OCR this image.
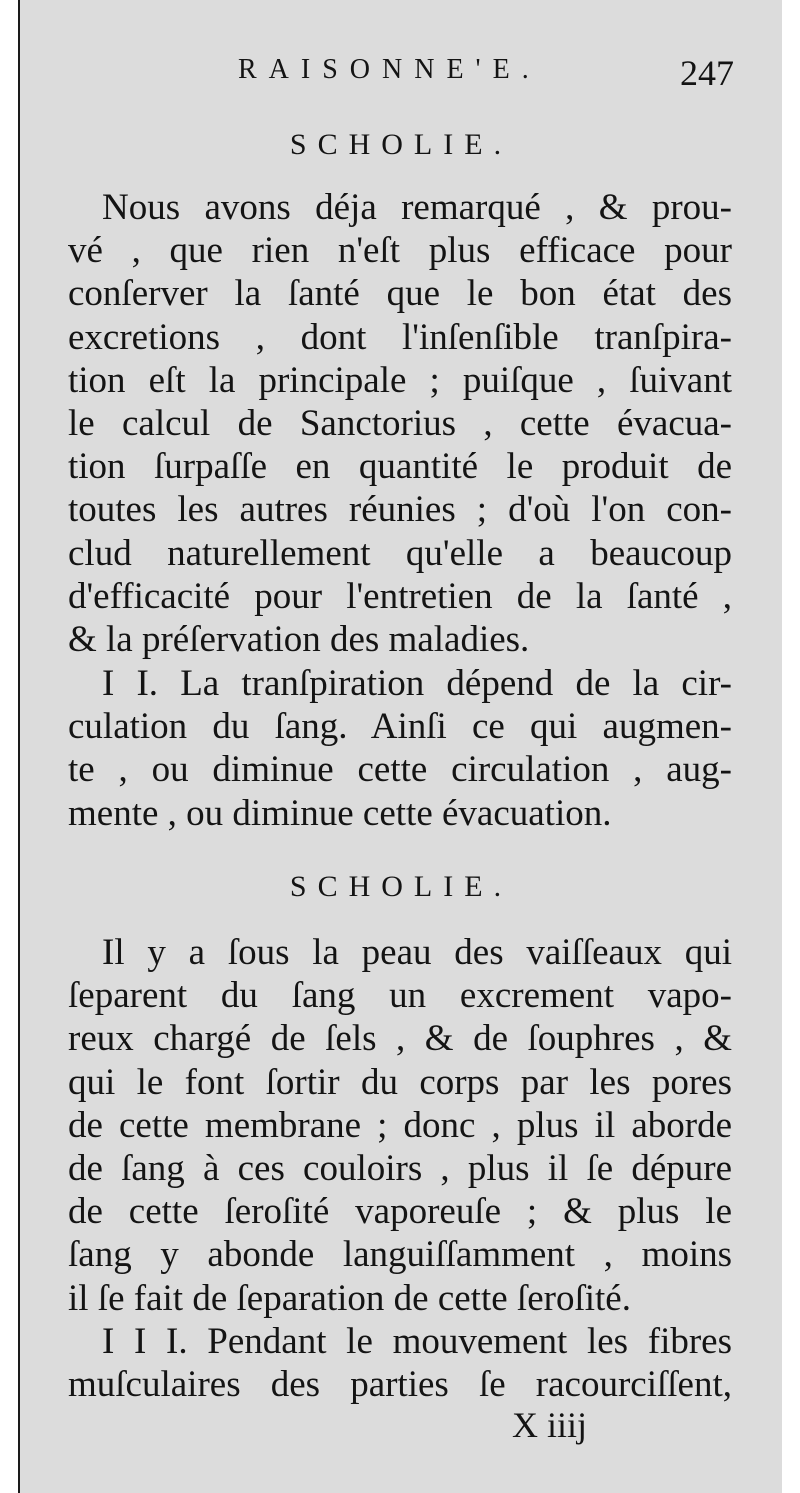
RAISONNE'E.	247
SCHOLIE.
Nous avons déja remarqué , & prou-
vé , que rien n'eſt plus efficace pour
conſerver la ſanté que le bon état des
excretions , dont l'inſenſible tranſpira-
tion eſt la principale ; puiſque , ſuivant
le calcul de Sanctorius , cette évacua-
tion ſurpaſſe en quantité le produit de
toutes les autres réunies ; d'où l'on con-
clud naturellement qu'elle a beaucoup
d'efficacité pour l'entretien de la ſanté ,
& la préſervation des maladies.
I I. La tranſpiration dépend de la cir-
culation du ſang. Ainſi ce qui augmen-
te , ou diminue cette circulation , aug-
mente , ou diminue cette évacuation.
SCHOLIE.
Il y a ſous la peau des vaiſſeaux qui
ſeparent du ſang un excrement vapo-
reux chargé de ſels , & de ſouphres , &
qui le font ſortir du corps par les pores
de cette membrane ; donc , plus il aborde
de ſang à ces couloirs , plus il ſe dépure
de cette ſeroſité vaporeuſe ; & plus le
ſang y abonde languiſſamment , moins
il ſe fait de ſeparation de cette ſeroſité.
I I I. Pendant le mouvement les fibres
muſculaires des parties ſe racourciſſent,
X iiij
